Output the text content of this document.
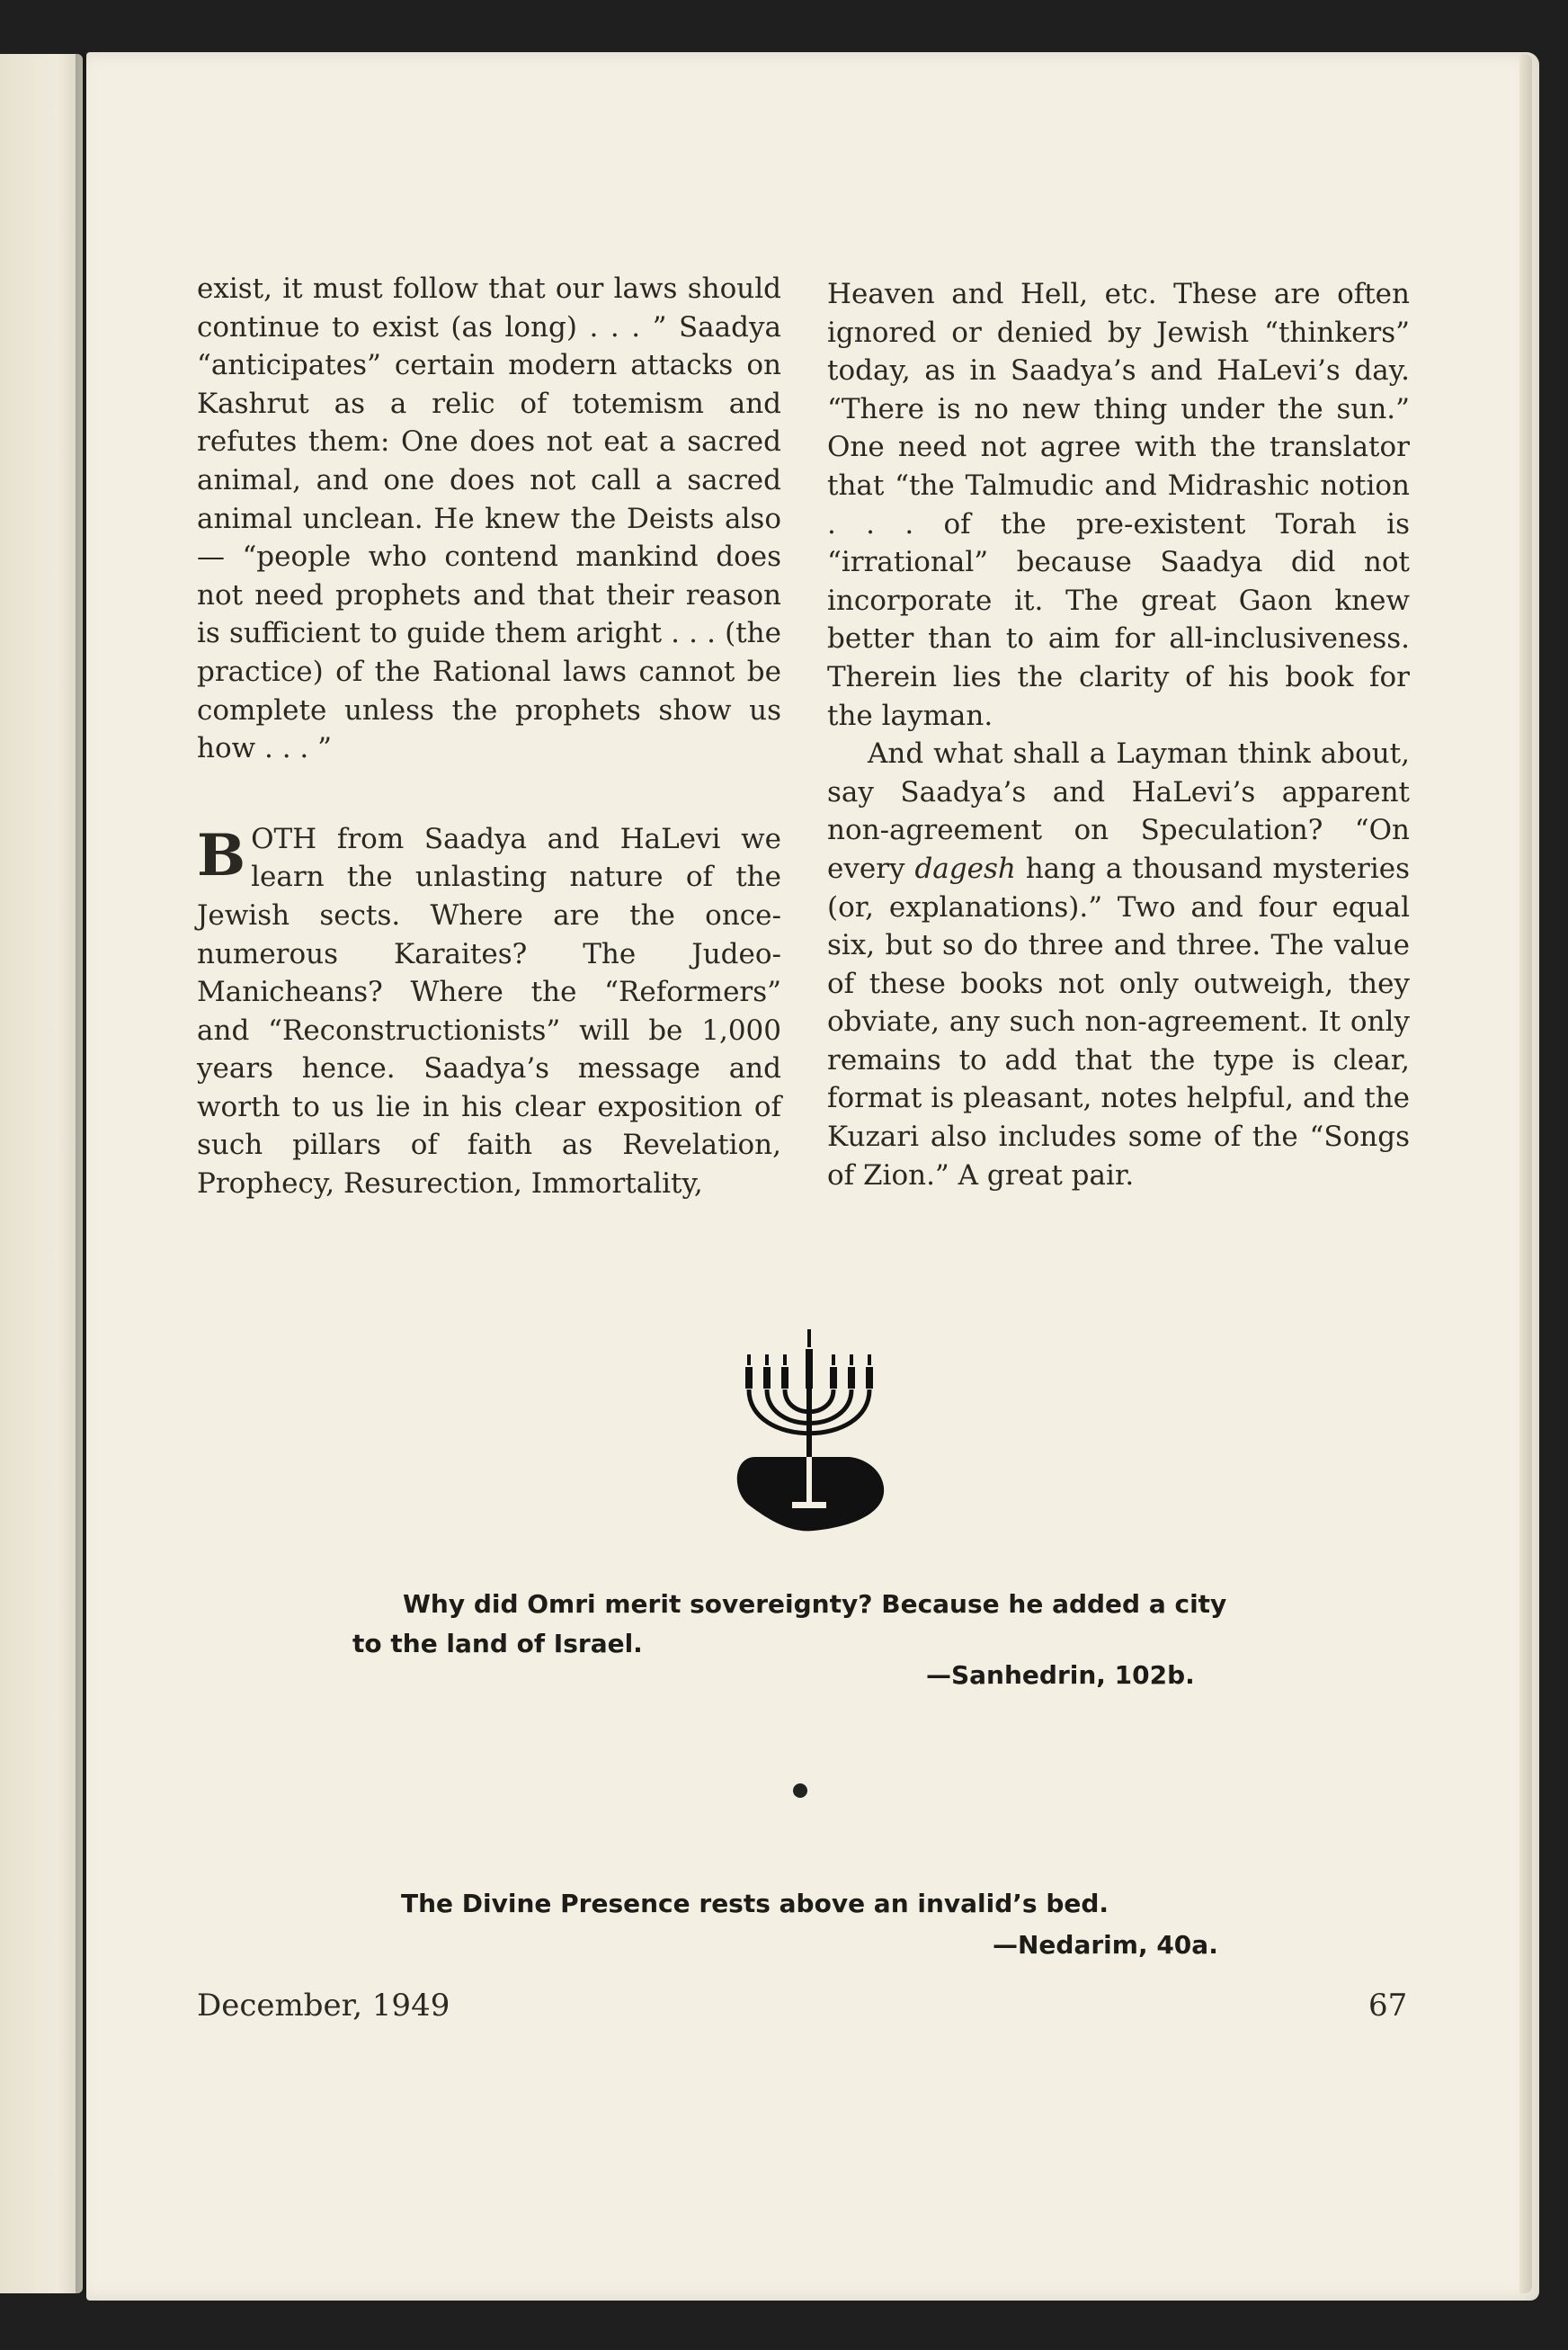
exist, it must follow that our laws should continue to exist (as long) . . . ” Saadya “anticipates” certain modern attacks on Kashrut as a relic of totemism and refutes them: One does not eat a sacred animal, and one does not call a sacred animal unclean. He knew the Deists also — “people who contend mankind does not need prophets and that their reason is sufficient to guide them aright . . . (the practice) of the Rational laws cannot be complete unless the prophets show us how . . . ”

BOTH from Saadya and HaLevi we learn the unlasting nature of the Jewish sects. Where are the once-numerous Karaites? The Judeo-Manicheans? Where the “Reformers” and “Reconstructionists” will be 1,000 years hence. Saadya’s message and worth to us lie in his clear exposition of such pillars of faith as Revelation, Prophecy, Resurection, Immortality,

Heaven and Hell, etc. These are often ignored or denied by Jewish “thinkers” today, as in Saadya’s and HaLevi’s day. “There is no new thing under the sun.” One need not agree with the translator that “the Talmudic and Midrashic notion . . . of the pre-existent Torah is “irrational” because Saadya did not incorporate it. The great Gaon knew better than to aim for all-inclusiveness. Therein lies the clarity of his book for the layman.

And what shall a Layman think about, say Saadya’s and HaLevi’s apparent non-agreement on Speculation? “On every dagesh hang a thousand mysteries (or, explanations).” Two and four equal six, but so do three and three. The value of these books not only outweigh, they obviate, any such non-agreement. It only remains to add that the type is clear, format is pleasant, notes helpful, and the Kuzari also includes some of the “Songs of Zion.” A great pair.

Why did Omri merit sovereignty? Because he added a city to the land of Israel.
—Sanhedrin, 102b.
The Divine Presence rests above an invalid’s bed.
—Nedarim, 40a.
December, 1949	67
